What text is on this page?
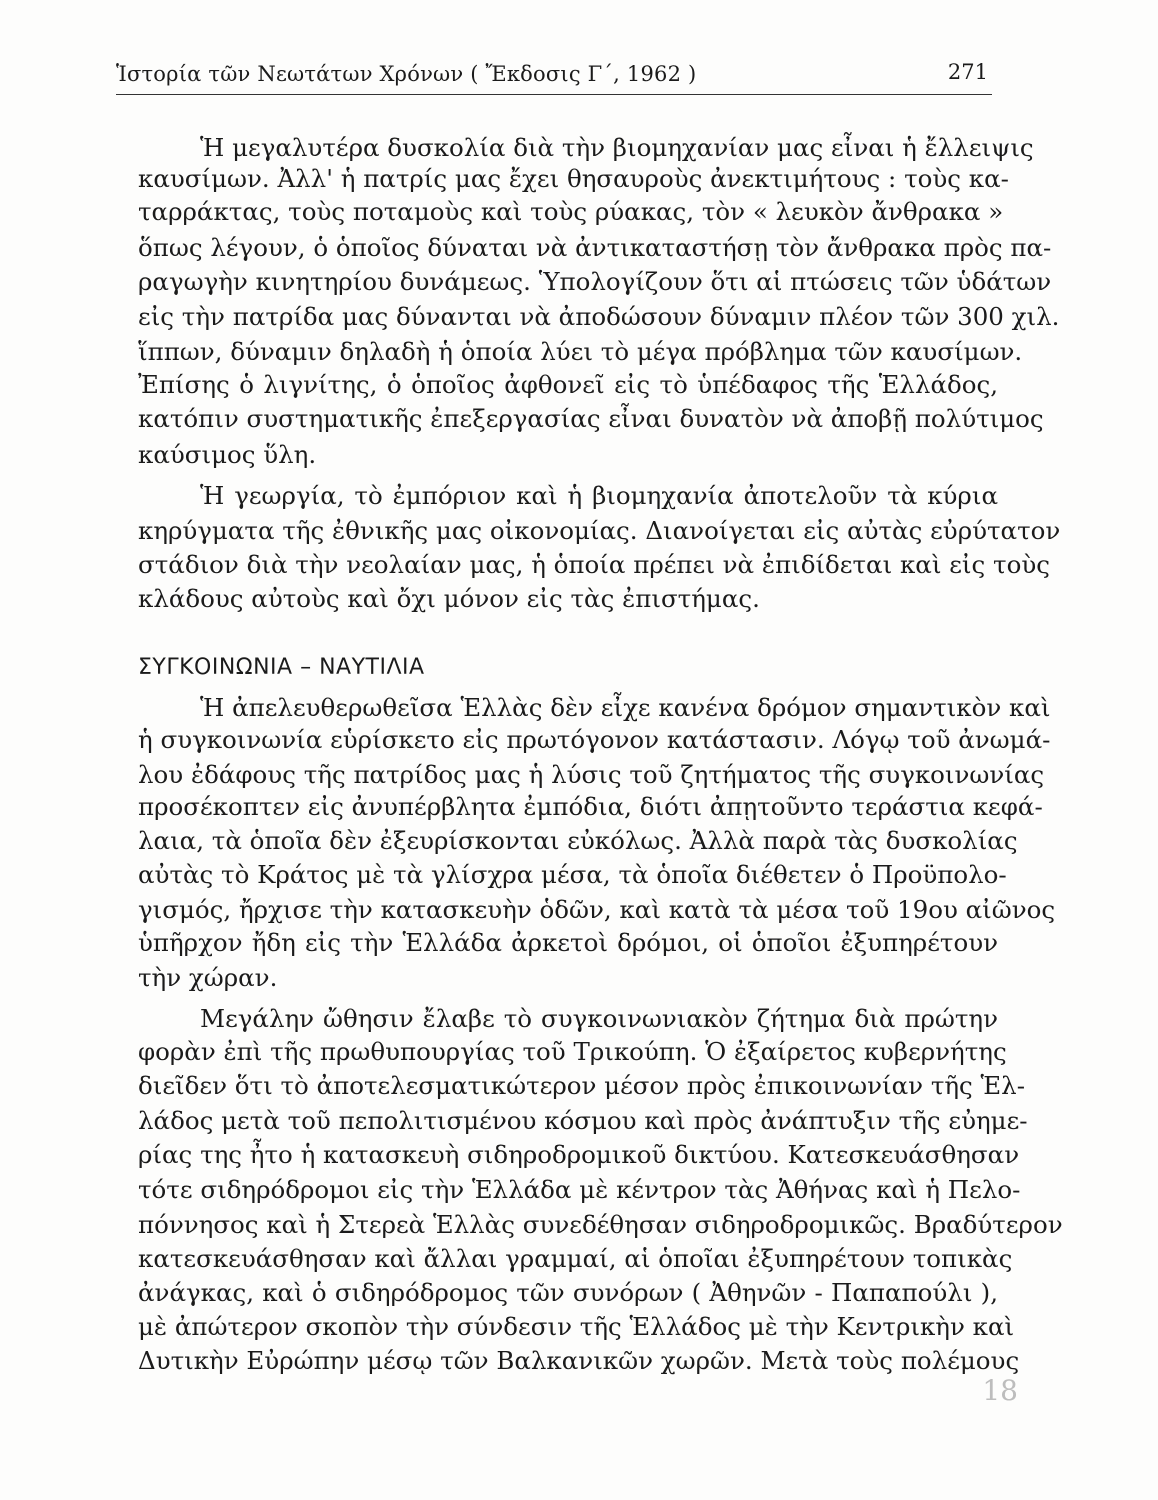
Ἱστορία τῶν Νεωτάτων Χρόνων ( Ἔκδοσις Γ΄, 1962 )	271
Ἡ μεγαλυτέρα δυσκολία διὰ τὴν βιομηχανίαν μας εἶναι ἡ ἔλλειψις
καυσίμων. Ἀλλ' ἡ πατρίς μας ἔχει θησαυροὺς ἀνεκτιμήτους : τοὺς κα-
ταρράκτας, τοὺς ποταμοὺς καὶ τοὺς ρύακας, τὸν « λευκὸν ἄνθρακα »
ὅπως λέγουν, ὁ ὁποῖος δύναται νὰ ἀντικαταστήσῃ τὸν ἄνθρακα πρὸς πα-
ραγωγὴν κινητηρίου δυνάμεως. Ὑπολογίζουν ὅτι αἱ πτώσεις τῶν ὑδάτων
εἰς τὴν πατρίδα μας δύνανται νὰ ἀποδώσουν δύναμιν πλέον τῶν 300 χιλ.
ἵππων, δύναμιν δηλαδὴ ἡ ὁποία λύει τὸ μέγα πρόβλημα τῶν καυσίμων.
Ἐπίσης ὁ λιγνίτης, ὁ ὁποῖος ἀφθονεῖ εἰς τὸ ὑπέδαφος τῆς Ἑλλάδος,
κατόπιν συστηματικῆς ἐπεξεργασίας εἶναι δυνατὸν νὰ ἀποβῇ πολύτιμος
καύσιμος ὕλη.
Ἡ γεωργία, τὸ ἐμπόριον καὶ ἡ βιομηχανία ἀποτελοῦν τὰ κύρια
κηρύγματα τῆς ἐθνικῆς μας οἰκονομίας. Διανοίγεται εἰς αὐτὰς εὐρύτατον
στάδιον διὰ τὴν νεολαίαν μας, ἡ ὁποία πρέπει νὰ ἐπιδίδεται καὶ εἰς τοὺς
κλάδους αὐτοὺς καὶ ὄχι μόνον εἰς τὰς ἐπιστήμας.
ΣΥΓΚΟΙΝΩΝΙΑ – ΝΑΥΤΙΛΙΑ
Ἡ ἀπελευθερωθεῖσα Ἑλλὰς δὲν εἶχε κανένα δρόμον σημαντικὸν καὶ
ἡ συγκοινωνία εὑρίσκετο εἰς πρωτόγονον κατάστασιν. Λόγῳ τοῦ ἀνωμά-
λου ἐδάφους τῆς πατρίδος μας ἡ λύσις τοῦ ζητήματος τῆς συγκοινωνίας
προσέκοπτεν εἰς ἀνυπέρβλητα ἐμπόδια, διότι ἀπῃτοῦντο τεράστια κεφά-
λαια, τὰ ὁποῖα δὲν ἐξευρίσκονται εὐκόλως. Ἀλλὰ παρὰ τὰς δυσκολίας
αὐτὰς τὸ Κράτος μὲ τὰ γλίσχρα μέσα, τὰ ὁποῖα διέθετεν ὁ Προϋπολο-
γισμός, ἤρχισε τὴν κατασκευὴν ὁδῶν, καὶ κατὰ τὰ μέσα τοῦ 19ου αἰῶνος
ὑπῆρχον ἤδη εἰς τὴν Ἑλλάδα ἀρκετοὶ δρόμοι, οἱ ὁποῖοι ἐξυπηρέτουν
τὴν χώραν.
Μεγάλην ὤθησιν ἔλαβε τὸ συγκοινωνιακὸν ζήτημα διὰ πρώτην
φορὰν ἐπὶ τῆς πρωθυπουργίας τοῦ Τρικούπη. Ὁ ἐξαίρετος κυβερνήτης
διεῖδεν ὅτι τὸ ἀποτελεσματικώτερον μέσον πρὸς ἐπικοινωνίαν τῆς Ἑλ-
λάδος μετὰ τοῦ πεπολιτισμένου κόσμου καὶ πρὸς ἀνάπτυξιν τῆς εὐημε-
ρίας της ἦτο ἡ κατασκευὴ σιδηροδρομικοῦ δικτύου. Κατεσκευάσθησαν
τότε σιδηρόδρομοι εἰς τὴν Ἑλλάδα μὲ κέντρον τὰς Ἀθήνας καὶ ἡ Πελο-
πόννησος καὶ ἡ Στερεὰ Ἑλλὰς συνεδέθησαν σιδηροδρομικῶς. Βραδύτερον
κατεσκευάσθησαν καὶ ἄλλαι γραμμαί, αἱ ὁποῖαι ἐξυπηρέτουν τοπικὰς
ἀνάγκας, καὶ ὁ σιδηρόδρομος τῶν συνόρων ( Ἀθηνῶν - Παπαπούλι ),
μὲ ἀπώτερον σκοπὸν τὴν σύνδεσιν τῆς Ἑλλάδος μὲ τὴν Κεντρικὴν καὶ
Δυτικὴν Εὐρώπην μέσῳ τῶν Βαλκανικῶν χωρῶν. Μετὰ τοὺς πολέμους
18
